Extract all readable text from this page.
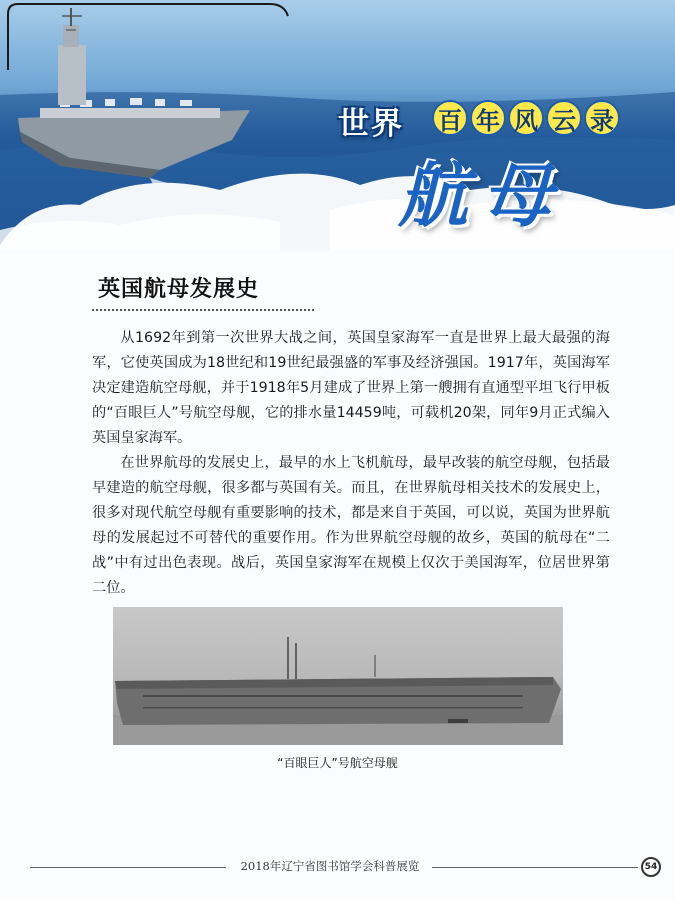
世界 百 年 风 云 录
航母
英国航母发展史

从1692年到第一次世界大战之间，英国皇家海军一直是世界上最大最强的海军，它使英国成为18世纪和19世纪最强盛的军事及经济强国。1917年，英国海军决定建造航空母舰，并于1918年5月建成了世界上第一艘拥有直通型平坦飞行甲板的“百眼巨人”号航空母舰，它的排水量14459吨，可载机20架，同年9月正式编入英国皇家海军。

在世界航母的发展史上，最早的水上飞机航母，最早改装的航空母舰，包括最早建造的航空母舰，很多都与英国有关。而且，在世界航母相关技术的发展史上，很多对现代航空母舰有重要影响的技术，都是来自于英国，可以说，英国为世界航母的发展起过不可替代的重要作用。作为世界航空母舰的故乡，英国的航母在“二战”中有过出色表现。战后，英国皇家海军在规模上仅次于美国海军，位居世界第二位。

“百眼巨人”号航空母舰
2018年辽宁省图书馆学会科普展览	54
